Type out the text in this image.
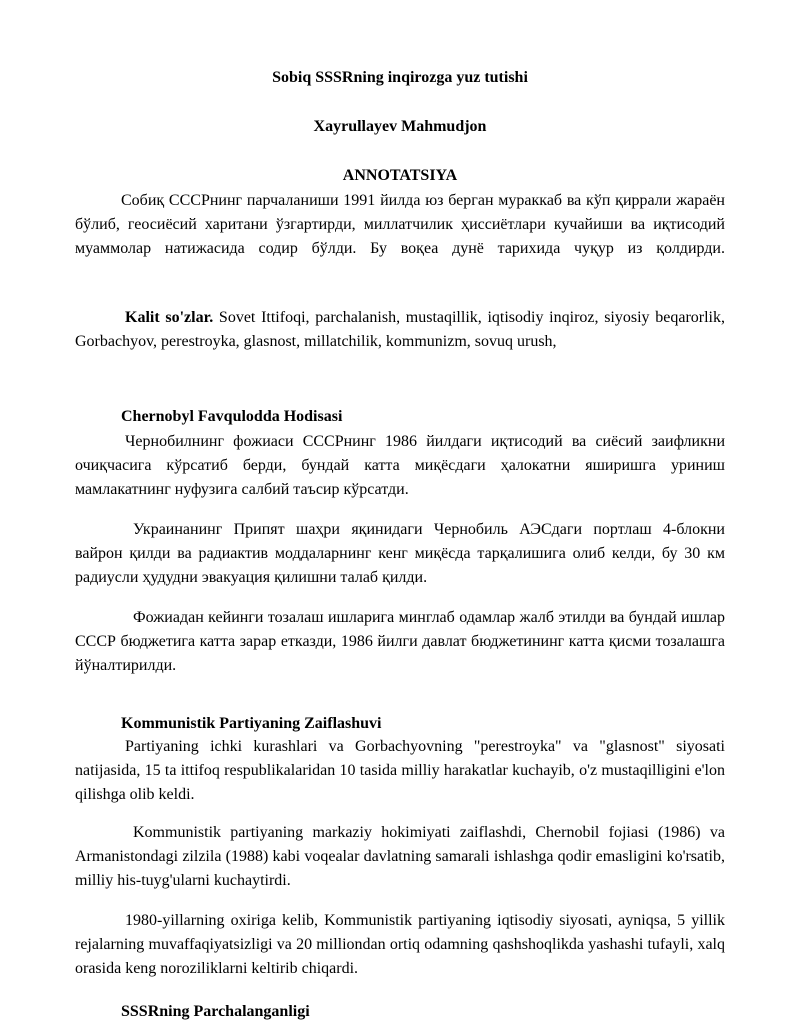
Sobiq SSSRning inqirozga yuz tutishi

Xayrullayev Mahmudjon

ANNOTATSIYA

Собиқ СССРнинг парчаланиши 1991 йилда юз берган мураккаб ва кўп қиррали жараён бўлиб, геосиёсий харитани ўзгартирди, миллатчилик ҳиссиётлари кучайиши ва иқтисодий муаммолар натижасида содир бўлди. Бу воқеа дунё тарихида чуқур из қолдирди.

Kalit so'zlar. Sovet Ittifoqi, parchalanish, mustaqillik, iqtisodiy inqiroz, siyosiy beqarorlik, Gorbachyov, perestroyka, glasnost, millatchilik, kommunizm, sovuq urush,

Chernobyl Favqulodda Hodisasi

Чернобилнинг фожиаси СССРнинг 1986 йилдаги иқтисодий ва сиёсий заифликни очиқчасига кўрсатиб берди, бундай катта миқёсдаги ҳалокатни яширишга уриниш мамлакатнинг нуфузига салбий таъсир кўрсатди.

Украинанинг Припят шаҳри яқинидаги Чернобиль АЭСдаги портлаш 4-блокни вайрон қилди ва радиактив моддаларнинг кенг миқёсда тарқалишига олиб келди, бу 30 км радиусли ҳудудни эвакуация қилишни талаб қилди.

Фожиадан кейинги тозалаш ишларига минглаб одамлар жалб этилди ва бундай ишлар СССР бюджетига катта зарар етказди, 1986 йилги давлат бюджетининг катта қисми тозалашга йўналтирилди.

Kommunistik Partiyaning Zaiflashuvi

Partiyaning ichki kurashlari va Gorbachyovning "perestroyka" va "glasnost" siyosati natijasida, 15 ta ittifoq respublikalaridan 10 tasida milliy harakatlar kuchayib, o'z mustaqilligini e'lon qilishga olib keldi.

Kommunistik partiyaning markaziy hokimiyati zaiflashdi, Chernobil fojiasi (1986) va Armanistondagi zilzila (1988) kabi voqealar davlatning samarali ishlashga qodir emasligini ko'rsatib, milliy his-tuyg'ularni kuchaytirdi.

1980-yillarning oxiriga kelib, Kommunistik partiyaning iqtisodiy siyosati, ayniqsa, 5 yillik rejalarning muvaffaqiyatsizligi va 20 milliondan ortiq odamning qashshoqlikda yashashi tufayli, xalq orasida keng noroziliklarni keltirib chiqardi.

SSSRning Parchalanganligi
